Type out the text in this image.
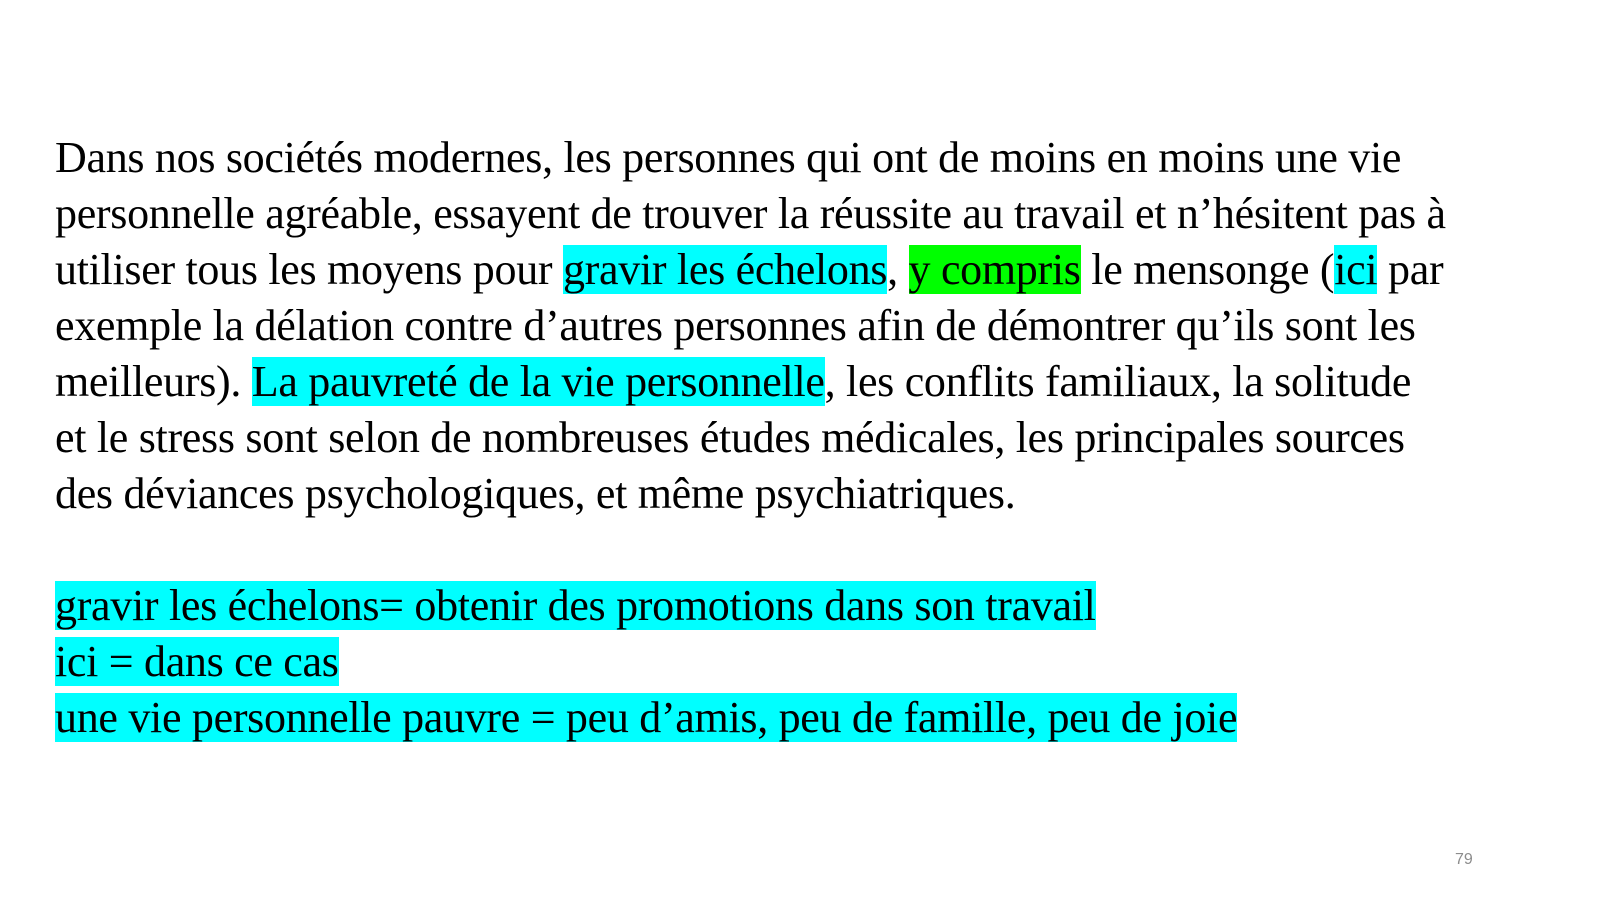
Dans nos sociétés modernes, les personnes qui ont de moins en moins une vie
personnelle agréable, essayent de trouver la réussite au travail et n’hésitent pas à
utiliser tous les moyens pour gravir les échelons, y compris le mensonge (ici par
exemple la délation contre d’autres personnes afin de démontrer qu’ils sont les
meilleurs). La pauvreté de la vie personnelle, les conflits familiaux, la solitude
et le stress sont selon de nombreuses études médicales, les principales sources
des déviances psychologiques, et même psychiatriques.
gravir les échelons= obtenir des promotions dans son travail
ici = dans ce cas
une vie personnelle pauvre = peu d’amis, peu de famille, peu de joie
79
